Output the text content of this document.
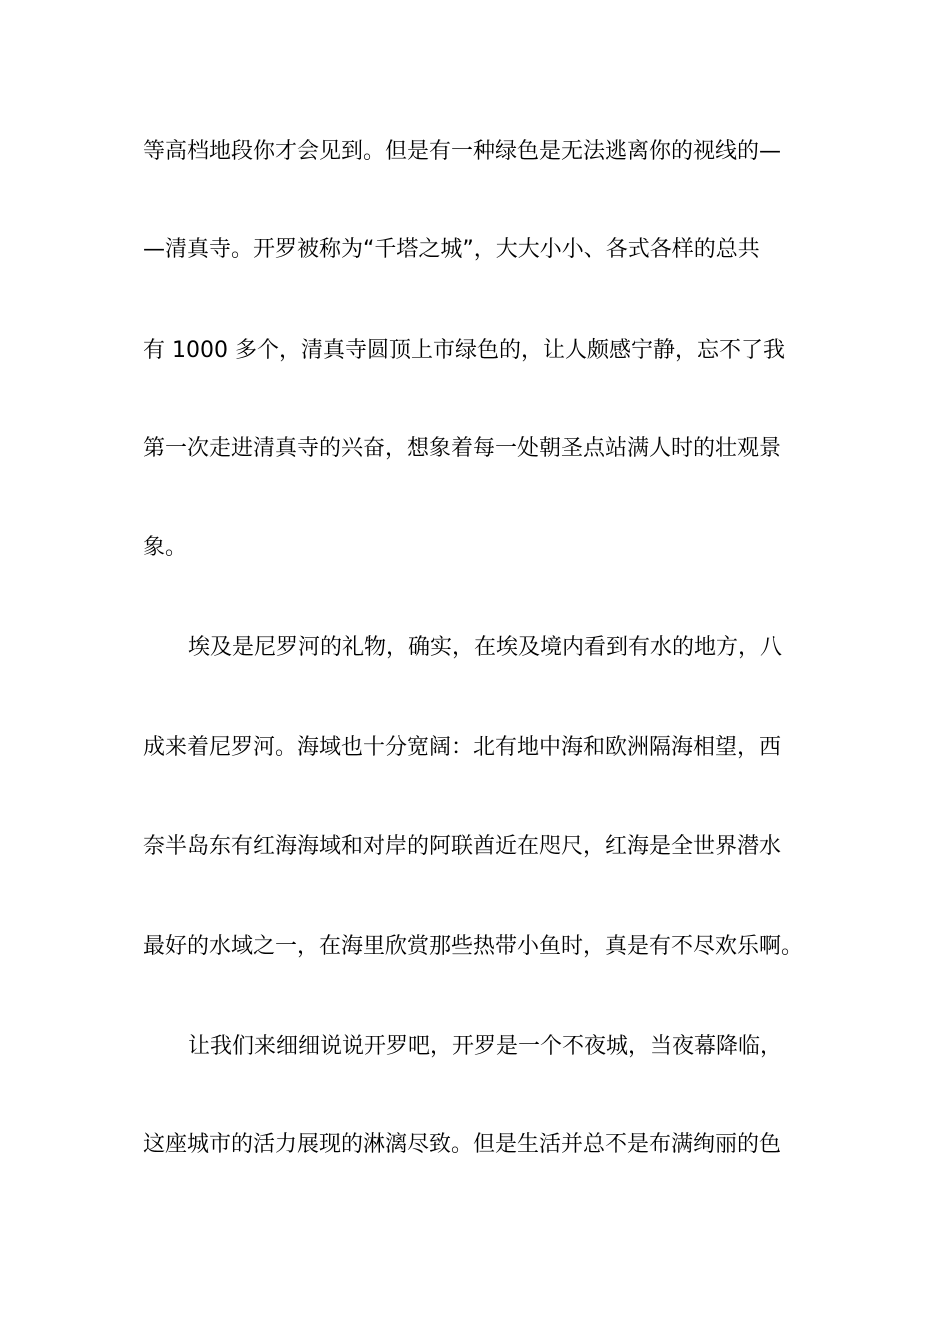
等高档地段你才会见到。但是有一种绿色是无法逃离你的视线的—
—清真寺。开罗被称为“千塔之城”，大大小小、各式各样的总共
有 1000 多个，清真寺圆顶上市绿色的，让人颇感宁静，忘不了我
第一次走进清真寺的兴奋，想象着每一处朝圣点站满人时的壮观景
象。
埃及是尼罗河的礼物，确实，在埃及境内看到有水的地方，八
成来着尼罗河。海域也十分宽阔：北有地中海和欧洲隔海相望，西
奈半岛东有红海海域和对岸的阿联酋近在咫尺，红海是全世界潜水
最好的水域之一，在海里欣赏那些热带小鱼时，真是有不尽欢乐啊。
让我们来细细说说开罗吧，开罗是一个不夜城，当夜幕降临，
这座城市的活力展现的淋漓尽致。但是生活并总不是布满绚丽的色
